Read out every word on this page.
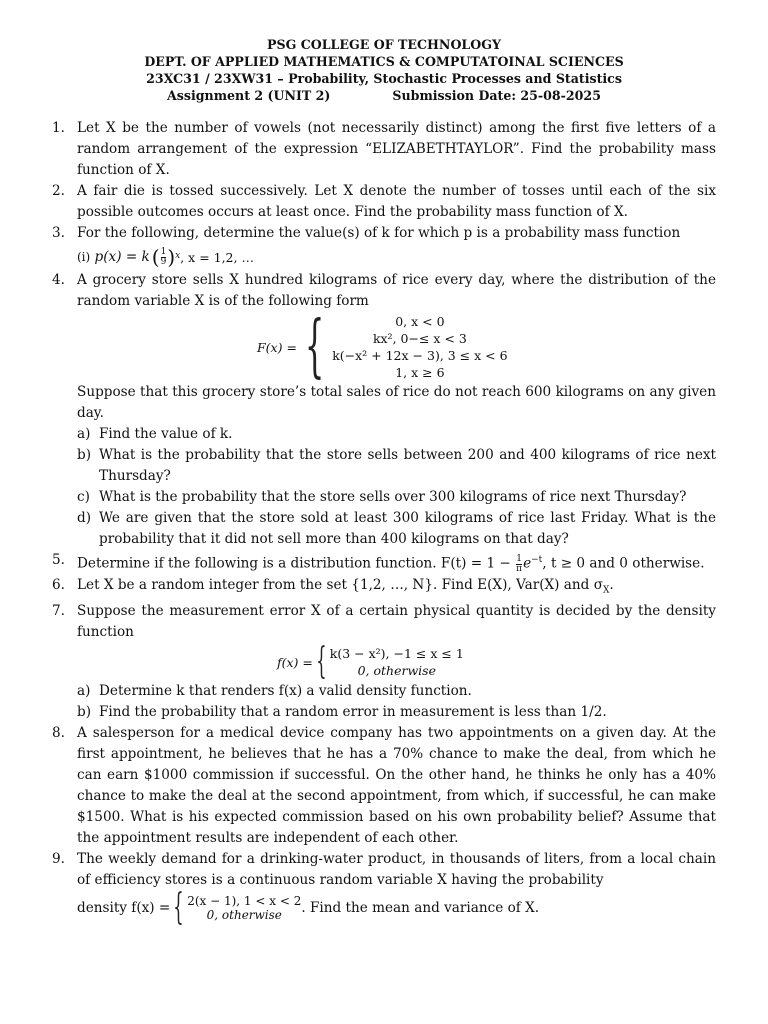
PSG COLLEGE OF TECHNOLOGY
DEPT. OF APPLIED MATHEMATICS & COMPUTATOINAL SCIENCES
23XC31 / 23XW31 – Probability, Stochastic Processes and Statistics
Assignment 2 (UNIT 2)	Submission Date: 25-08-2025
1. Let X be the number of vowels (not necessarily distinct) among the first five letters of a random arrangement of the expression “ELIZABETHTAYLOR”. Find the probability mass function of X.
2. A fair die is tossed successively. Let X denote the number of tosses until each of the six possible outcomes occurs at least once. Find the probability mass function of X.
3. For the following, determine the value(s) of k for which p is a probability mass function
(i)
p(x) = k ( $\frac{1}{9}$ ) x , x = 1,2, …
4. A grocery store sells X hundred kilograms of rice every day, where the distribution of the random variable X is of the following form
F(x) = {	0, x < 0
kx², 0−≤ x < 3
k(−x² + 12x − 3), 3 ≤ x < 6
1, x ≥ 6
Suppose that this grocery store’s total sales of rice do not reach 600 kilograms on any given day.
a) Find the value of k.
b) What is the probability that the store sells between 200 and 400 kilograms of rice next Thursday?
c) What is the probability that the store sells over 300 kilograms of rice next Thursday?
d) We are given that the store sold at least 300 kilograms of rice last Friday. What is the probability that it did not sell more than 400 kilograms on that day?
5. Determine if the following is a distribution function. $F(t) = 1 - \frac{1}{\pi} e^{-t}$, t ≥ 0 and 0 otherwise.
6. Let X be a random integer from the set {1,2, …, N}. Find E(X), Var(X) and $\sigma_X$.
7. Suppose the measurement error X of a certain physical quantity is decided by the density function
f(x) = { k(3 − x²), −1 ≤ x ≤ 1
0, otherwise
a) Determine k that renders f(x) a valid density function.
b) Find the probability that a random error in measurement is less than 1/2.
8. A salesperson for a medical device company has two appointments on a given day. At the first appointment, he believes that he has a 70% chance to make the deal, from which he can earn $1000 commission if successful. On the other hand, he thinks he only has a 40% chance to make the deal at the second appointment, from which, if successful, he can make $1500. What is his expected commission based on his own probability belief? Assume that the appointment results are independent of each other.
9. The weekly demand for a drinking-water product, in thousands of liters, from a local chain of efficiency stores is a continuous random variable X having the probability
density f(x) = { 2(x − 1), 1 < x < 2
0, otherwise	. Find the mean and variance of X.
